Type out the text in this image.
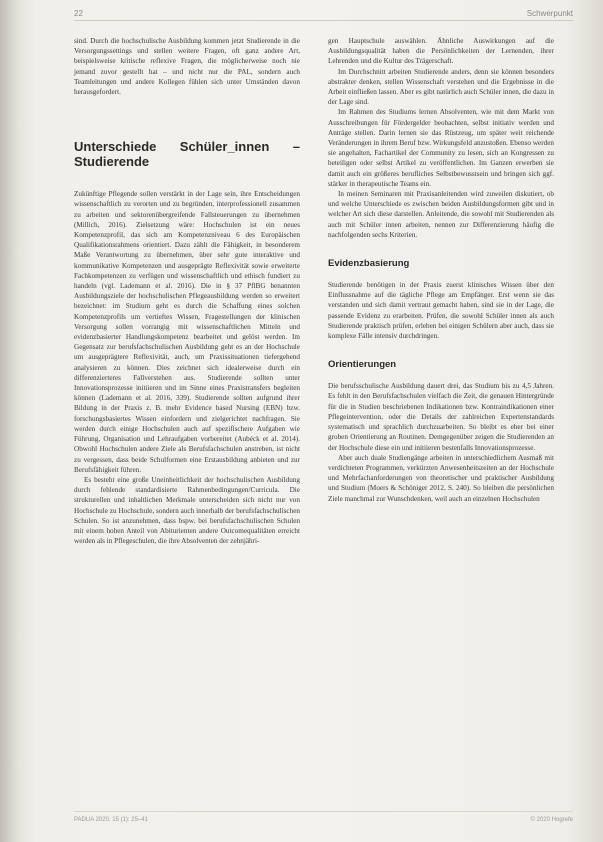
22	Schwerpunkt

sind. Durch die hochschulische Ausbildung kommen jetzt Studierende in die Versorgungssettings und stellen weitere Fragen, oft ganz andere Art, beispielsweise kritische reflexive Fragen, die möglicherweise noch nie jemand zuvor gestellt hat – und nicht nur die PAL, sondern auch Teamleitungen und andere Kollegen fühlen sich unter Umständen davon herausgefordert.

Unterschiede Schüler_innen – Studierende

Zukünftige Pflegende sollen verstärkt in der Lage sein, ihre Entscheidungen wissenschaftlich zu verorten und zu begründen, interprofessionell zusammen zu arbeiten und sektorenübergreifende Fallsteuerungen zu übernehmen (Millich, 2016). Zielsetzung wäre: Hochschulen ist ein neues Kompetenzprofil, das sich am Kompetenzniveau 6 des Europäischen Qualifikationsrahmens orientiert. Dazu zählt die Fähigkeit, in besonderem Maße Verantwortung zu übernehmen, über sehr gute interaktive und kommunikative Kompetenzen und ausgeprägte Reflexivität sowie erweiterte Fachkompetenzen zu verfügen und wissenschaftlich und ethisch fundiert zu handeln (vgl. Lademann et al. 2016). Die in § 37 PflBG benannten Ausbildungsziele der hochschulischen Pflegeausbildung werden so erweitert bezeichnet: im Studium geht es durch die Schaffung eines solchen Kompetenzprofils um vertieftes Wissen, Fragestellungen der klinischen Versorgung sollen vorrangig mit wissenschaftlichen Mitteln und evidenzbasierter Handlungskompetenz bearbeitet und gelöst werden. Im Gegensatz zur berufsfachschulischen Ausbildung geht es an der Hochschule um ausgeprägtere Reflexivität, auch, um Praxissituationen tiefergehend analysieren zu können. Dies zeichnet sich idealerweise durch ein differenzierteres Fallverstehen aus. Studierende sollten unter Innovationsprozesse initiieren und im Sinne eines Praxistransfers begleiten können (Lademann et al. 2016, 339). Studierende sollten aufgrund ihrer Bildung in der Praxis z. B. mehr Evidence based Nursing (EBN) bzw. forschungsbasiertes Wissen einfordern und zielgerichtet nachfragen. Sie werden durch einige Hochschulen auch auf spezifischere Aufgaben wie Führung, Organisation und Lehraufgaben vorbereitet (Aubéck et al. 2014). Obwohl Hochschulen andere Ziele als Berufsfachschulen anstreben, ist nicht zu vergessen, dass beide Schulformen eine Erstausbildung anbieten und zur Berufsfähigkeit führen.

Es besteht eine große Uneinheitlichkeit der hochschulischen Ausbildung durch fehlende standardisierte Rahmenbedingungen/Curricula. Die strukturellen und inhaltlichen Merkmale unterscheiden sich nicht nur von Hochschule zu Hochschule, sondern auch innerhalb der berufsfachschulischen Schulen. So ist anzunehmen, dass bspw. bei berufsfachschulischen Schulen mit einem hohen Anteil von Abiturienten andere Outcomequalitäten erreicht werden als in Pflegeschulen, die ihre Absolventen der zehnjähri-

gen Hauptschule auswählen. Ähnliche Auswirkungen auf die Ausbildungsqualität haben die Persönlichkeiten der Lernenden, ihrer Lehrenden und die Kultur des Trägerschaft.

Im Durchschnitt arbeiten Studierende anders, denn sie können besonders abstrakter denken, stellen Wissenschaft verstehen und die Ergebnisse in die Arbeit einfließen lassen. Aber es gibt natürlich auch Schüler innen, die dazu in der Lage sind.

Im Rahmen des Studiums lernen Absolventen, wie mit dem Markt von Ausschreibungen für Fördergelder beobachten, selbst initiativ werden und Anträge stellen. Darin lernen sie das Rüstzeug, um später weit reichende Veränderungen in ihrem Beruf bzw. Wirkungsfeld anzustoßen. Ebenso werden sie angehalten, Fachartikel der Community zu lesen, sich an Kongressen zu beteiligen oder selbst Artikel zu veröffentlichen. Im Ganzen erwerben sie damit auch ein größeres berufliches Selbstbewusstsein und bringen sich ggf. stärker in therapeutische Teams ein.

In meinen Seminaren mit Praxisanleitenden wird zuweilen diskutiert, ob und welche Unterschiede es zwischen beiden Ausbildungsformen gibt und in welcher Art sich diese darstellen. Anleitende, die sowohl mit Studierenden als auch mit Schüler innen arbeiten, nennen zur Differenzierung häufig die nachfolgenden sechs Kriterien.

Evidenzbasierung

Studierende benötigen in der Praxis zuerst klinisches Wissen über den Einflussnahme auf die tägliche Pflege am Empfänger. Erst wenn sie das verstanden und sich damit vertraut gemacht haben, sind sie in der Lage, die passende Evidenz zu erarbeiten. Prüfen, die sowohl Schüler innen als auch Studierende praktisch prüfen, erleben bei einigen Schülern aber auch, dass sie komplexe Fälle intensiv durchdringen.

Orientierungen

Die berufsschulische Ausbildung dauert drei, das Studium bis zu 4,5 Jahren. Es fehlt in den Berufsfachschulen vielfach die Zeit, die genauen Hintergründe für die in Studien beschriebenen Indikationen bzw. Kontraindikationen einer Pflegeintervention, oder die Details der zahlreichen Expertenstandards systematisch und sprachlich durchzuarbeiten. So bleibt es eher bei einer groben Orientierung an Routinen. Demgegenüber zeigen die Studierenden an der Hochschule diese ein und initiieren bestenfalls Innovationsprozesse.

Aber auch duale Studiengänge arbeiten in unterschiedlichem Ausmaß mit verdichteten Programmen, verkürzten Anwesenheitszeiten an der Hochschule und Mehrfachanforderungen von theoretischer und praktischer Ausbildung und Studium (Moers & Schöniger 2012, S. 240). So bleiben die persönlichen Ziele manchmal zur Wunschdenken, weil auch an einzelnen Hochschulen

PADUA 2020, 15 (1): 25–41	© 2020 Hogrefe
